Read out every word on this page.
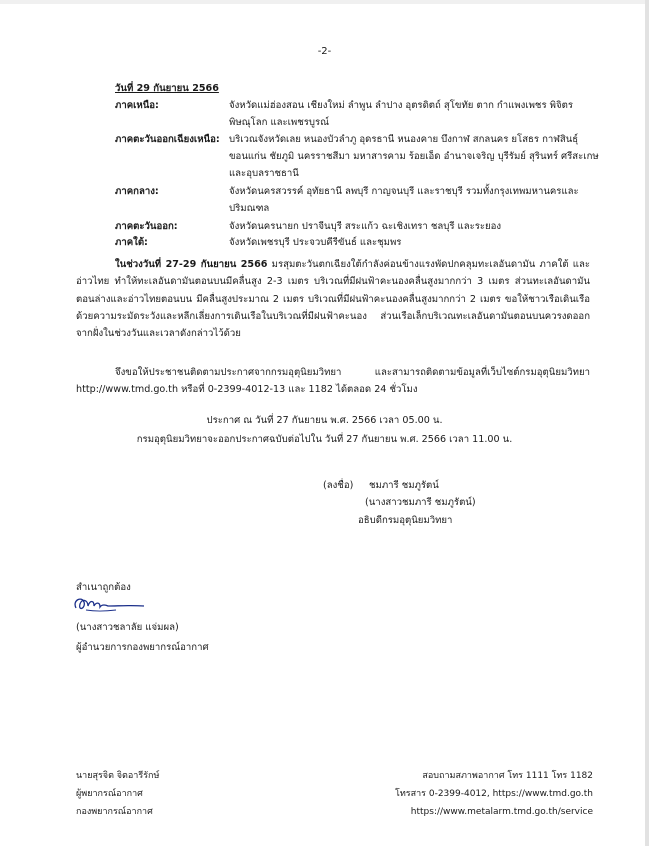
-2-
วันที่ 29 กันยายน 2566
ภาคเหนือ:	จังหวัดแม่ฮ่องสอน เชียงใหม่ ลำพูน ลำปาง อุตรดิตถ์ สุโขทัย ตาก กำแพงเพชร พิจิตร พิษณุโลก และเพชรบูรณ์
ภาคตะวันออกเฉียงเหนือ: บริเวณจังหวัดเลย หนองบัวลำภู อุดรธานี หนองคาย บึงกาฬ สกลนคร ยโสธร กาฬสินธุ์ ขอนแก่น ชัยภูมิ นครราชสีมา มหาสารคาม ร้อยเอ็ด อำนาจเจริญ บุรีรัมย์ สุรินทร์ ศรีสะเกษ และอุบลราชธานี
ภาคกลาง:	จังหวัดนครสวรรค์ อุทัยธานี ลพบุรี กาญจนบุรี และราชบุรี รวมทั้งกรุงเทพมหานครและปริมณฑล
ภาคตะวันออก:	จังหวัดนครนายก ปราจีนบุรี สระแก้ว ฉะเชิงเทรา ชลบุรี และระยอง
ภาคใต้:	จังหวัดเพชรบุรี ประจวบคีรีขันธ์ และชุมพร
ในช่วงวันที่ 27-29 กันยายน 2566 มรสุมตะวันตกเฉียงใต้กำลังค่อนข้างแรงพัดปกคลุมทะเลอันดามัน ภาคใต้ และอ่าวไทย ทำให้ทะเลอันดามันตอนบนมีคลื่นสูง 2-3 เมตร บริเวณที่มีฝนฟ้าคะนองคลื่นสูงมากกว่า 3 เมตร ส่วนทะเลอันดามันตอนล่างและอ่าวไทยตอนบน มีคลื่นสูงประมาณ 2 เมตร บริเวณที่มีฝนฟ้าคะนองคลื่นสูงมากกว่า 2 เมตร ขอให้ชาวเรือเดินเรือด้วยความระมัดระวังและหลีกเลี่ยงการเดินเรือในบริเวณที่มีฝนฟ้าคะนอง ส่วนเรือเล็กบริเวณทะเลอันดามันตอนบนควรงดออกจากฝั่งในช่วงวันและเวลาดังกล่าวไว้ด้วย
จึงขอให้ประชาชนติดตามประกาศจากกรมอุตุนิยมวิทยา และสามารถติดตามข้อมูลที่เว็บไซต์กรมอุตุนิยมวิทยา http://www.tmd.go.th หรือที่ 0-2399-4012-13 และ 1182 ได้ตลอด 24 ชั่วโมง
ประกาศ ณ วันที่ 27 กันยายน พ.ศ. 2566 เวลา 05.00 น.
กรมอุตุนิยมวิทยาจะออกประกาศฉบับต่อไปใน วันที่ 27 กันยายน พ.ศ. 2566 เวลา 11.00 น.
(ลงชื่อ) ชมภารี ชมภูรัตน์
(นางสาวชมภารี ชมภูรัตน์)
อธิบดีกรมอุตุนิยมวิทยา
สำเนาถูกต้อง
(นางสาวชลาลัย แจ่มผล)
ผู้อำนวยการกองพยากรณ์อากาศ
นายสุรจิต จิตอารีรักษ์
ผู้พยากรณ์อากาศ
กองพยากรณ์อากาศ
สอบถามสภาพอากาศ โทร 1111 โทร 1182
โทรสาร 0-2399-4012, https://www.tmd.go.th
https://www.metalarm.tmd.go.th/service
